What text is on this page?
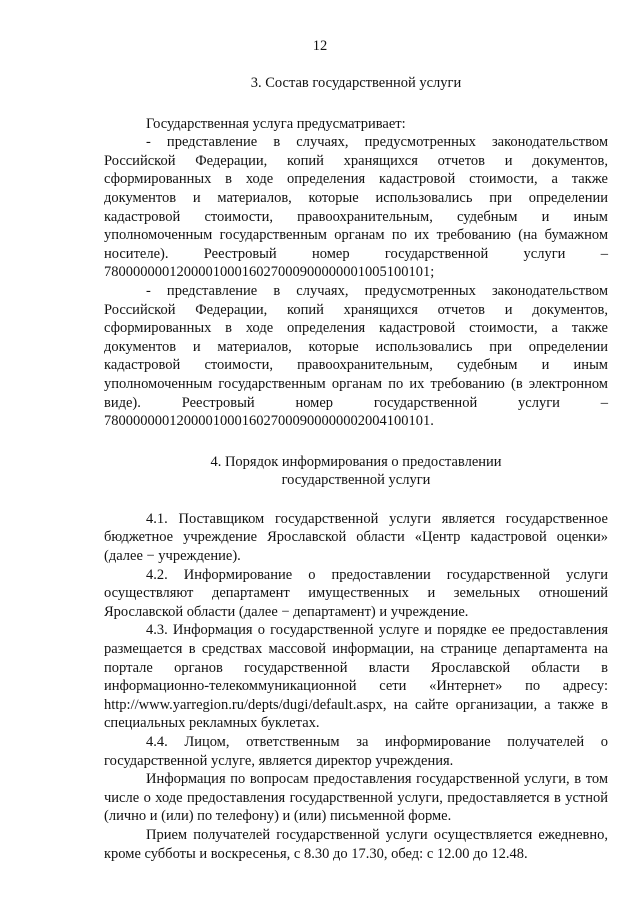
12
3. Состав государственной услуги

Государственная услуга предусматривает:

- представление в случаях, предусмотренных законодательством Российской Федерации, копий хранящихся отчетов и документов, сформированных в ходе определения кадастровой стоимости, а также документов и материалов, которые использовались при определении кадастровой стоимости, правоохранительным, судебным и иным уполномоченным государственным органам по их требованию (на бумажном носителе). Реестровый номер государственной услуги – 780000000120000100016027000900000001005100101;

- представление в случаях, предусмотренных законодательством Российской Федерации, копий хранящихся отчетов и документов, сформированных в ходе определения кадастровой стоимости, а также документов и материалов, которые использовались при определении кадастровой стоимости, правоохранительным, судебным и иным уполномоченным государственным органам по их требованию (в электронном виде). Реестровый номер государственной услуги – 780000000120000100016027000900000002004100101.

4. Порядок информирования о предоставлении
государственной услуги

4.1. Поставщиком государственной услуги является государственное бюджетное учреждение Ярославской области «Центр кадастровой оценки» (далее − учреждение).

4.2. Информирование о предоставлении государственной услуги осуществляют департамент имущественных и земельных отношений Ярославской области (далее − департамент) и учреждение.

4.3. Информация о государственной услуге и порядке ее предоставления размещается в средствах массовой информации, на странице департамента на портале органов государственной власти Ярославской области в информационно-телекоммуникационной сети «Интернет» по адресу: http://www.yarregion.ru/depts/dugi/default.aspx, на сайте организации, а также в специальных рекламных буклетах.

4.4. Лицом, ответственным за информирование получателей о государственной услуге, является директор учреждения.

Информация по вопросам предоставления государственной услуги, в том числе о ходе предоставления государственной услуги, предоставляется в устной (лично и (или) по телефону) и (или) письменной форме.

Прием получателей государственной услуги осуществляется ежедневно, кроме субботы и воскресенья, с 8.30 до 17.30, обед: с 12.00 до 12.48.
